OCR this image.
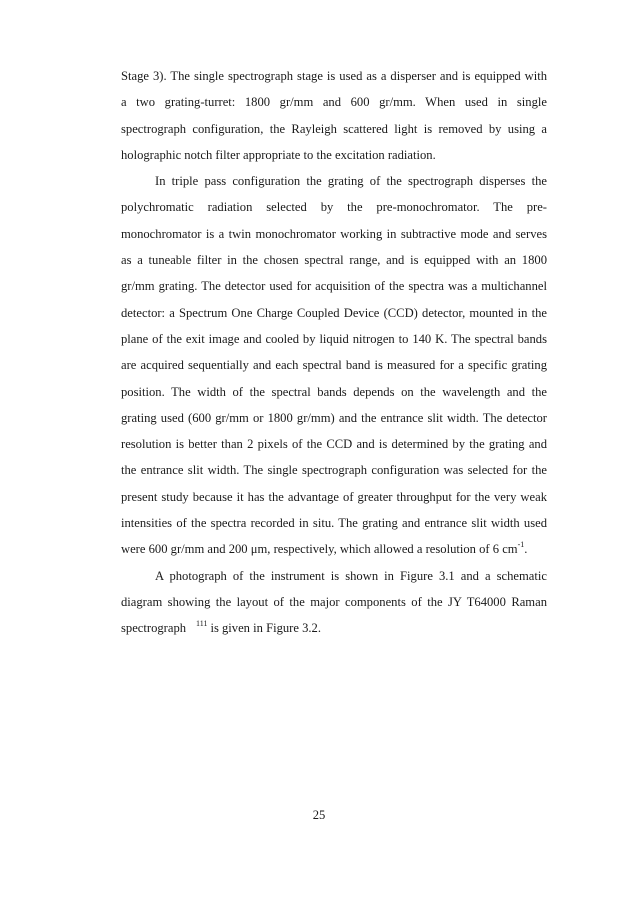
Stage 3). The single spectrograph stage is used as a disperser and is equipped with
a two grating-turret: 1800 gr/mm and 600 gr/mm. When used in single
spectrograph configuration, the Rayleigh scattered light is removed by using a
holographic notch filter appropriate to the excitation radiation.

In triple pass configuration the grating of the spectrograph disperses the
polychromatic radiation selected by the pre-monochromator. The pre-
monochromator is a twin monochromator working in subtractive mode and serves
as a tuneable filter in the chosen spectral range, and is equipped with an 1800
gr/mm grating. The detector used for acquisition of the spectra was a multichannel
detector: a Spectrum One Charge Coupled Device (CCD) detector, mounted in the
plane of the exit image and cooled by liquid nitrogen to 140 K. The spectral bands
are acquired sequentially and each spectral band is measured for a specific grating
position. The width of the spectral bands depends on the wavelength and the
grating used (600 gr/mm or 1800 gr/mm) and the entrance slit width. The detector
resolution is better than 2 pixels of the CCD and is determined by the grating and
the entrance slit width. The single spectrograph configuration was selected for the
present study because it has the advantage of greater throughput for the very weak
intensities of the spectra recorded in situ. The grating and entrance slit width used
were 600 gr/mm and 200 μm, respectively, which allowed a resolution of 6 $cm^{-1}$.

A photograph of the instrument is shown in Figure 3.1 and a schematic
diagram showing the layout of the major components of the JY T64000 Raman
spectrograph $^{111}$ is given in Figure 3.2.

25
